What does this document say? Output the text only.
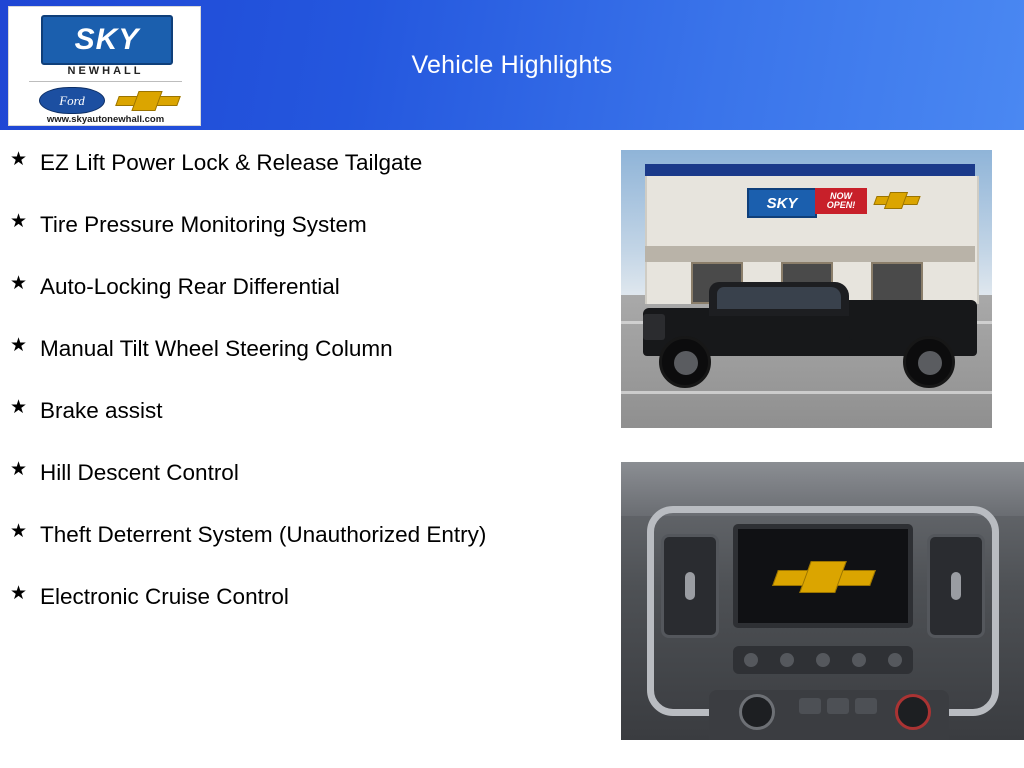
Vehicle Highlights
SKY
NEWHALL
Ford
www.skyautonewhall.com
★ EZ Lift Power Lock & Release Tailgate
★ Tire Pressure Monitoring System
★ Auto-Locking Rear Differential
★ Manual Tilt Wheel Steering Column
★ Brake assist
★ Hill Descent Control
★ Theft Deterrent System (Unauthorized Entry)
★ Electronic Cruise Control
SKY	NOW OPEN!
